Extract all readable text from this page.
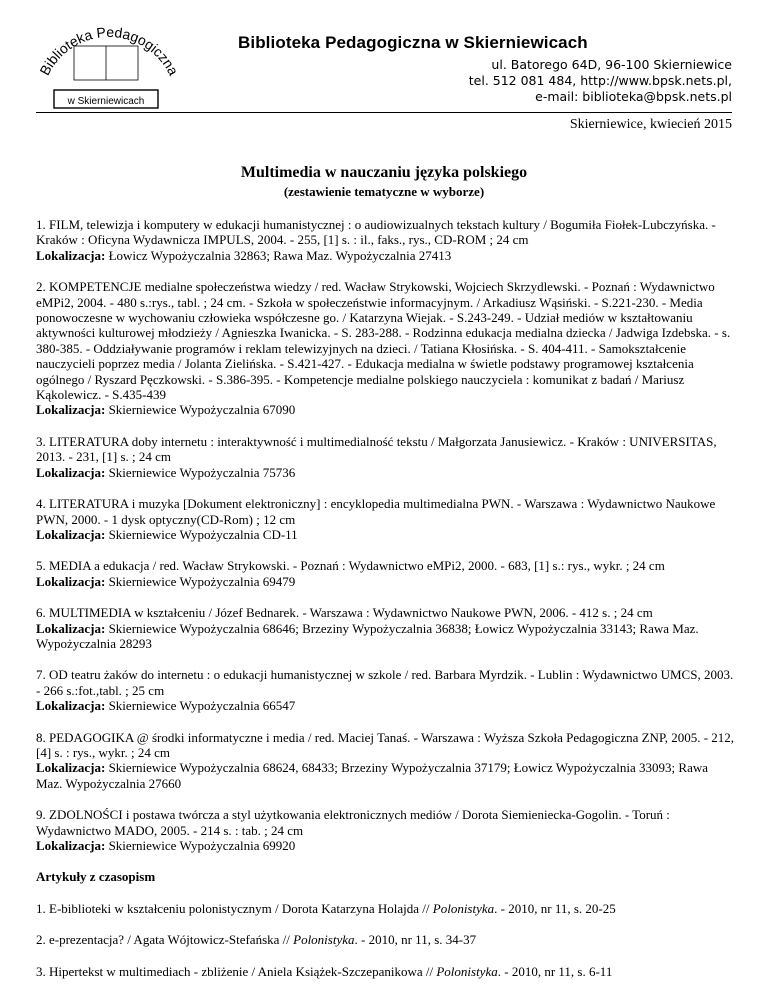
Biblioteka Pedagogiczna
w Skierniewicach
Biblioteka Pedagogiczna w Skierniewicach
ul. Batorego 64D, 96-100 Skierniewice
tel. 512 081 484, http://www.bpsk.nets.pl,
e-mail: biblioteka@bpsk.nets.pl
Skierniewice, kwiecień 2015
Multimedia w nauczaniu języka polskiego
(zestawienie tematyczne w wyborze)
1. FILM, telewizja i komputery w edukacji humanistycznej : o audiowizualnych tekstach kultury / Bogumiła Fiołek-Lubczyńska. - Kraków : Oficyna Wydawnicza IMPULS, 2004. - 255, [1] s. : il., faks., rys., CD-ROM ; 24 cm
Lokalizacja: Łowicz Wypożyczalnia 32863; Rawa Maz. Wypożyczalnia 27413
2. KOMPETENCJE medialne społeczeństwa wiedzy / red. Wacław Strykowski, Wojciech Skrzydlewski. - Poznań : Wydawnictwo eMPi2, 2004. - 480 s.:rys., tabl. ; 24 cm. - Szkoła w społeczeństwie informacyjnym. / Arkadiusz Wąsiński. - S.221-230. - Media ponowoczesne w wychowaniu człowieka współczesne go. / Katarzyna Wiejak. - S.243-249. - Udział mediów w kształtowaniu aktywności kulturowej młodzieży / Agnieszka Iwanicka. - S. 283-288. - Rodzinna edukacja medialna dziecka / Jadwiga Izdebska. - s. 380-385. - Oddziaływanie programów i reklam telewizyjnych na dzieci. / Tatiana Kłosińska. - S. 404-411. - Samokształcenie nauczycieli poprzez media / Jolanta Zielińska. - S.421-427. - Edukacja medialna w świetle podstawy programowej kształcenia ogólnego / Ryszard Pęczkowski. - S.386-395. - Kompetencje medialne polskiego nauczyciela : komunikat z badań / Mariusz Kąkolewicz. - S.435-439
Lokalizacja: Skierniewice Wypożyczalnia 67090
3. LITERATURA doby internetu : interaktywność i multimedialność tekstu / Małgorzata Janusiewicz. - Kraków : UNIVERSITAS, 2013. - 231, [1] s. ; 24 cm
Lokalizacja: Skierniewice Wypożyczalnia 75736
4. LITERATURA i muzyka [Dokument elektroniczny] : encyklopedia multimedialna PWN. - Warszawa : Wydawnictwo Naukowe PWN, 2000. - 1 dysk optyczny(CD-Rom) ; 12 cm
Lokalizacja: Skierniewice Wypożyczalnia CD-11
5. MEDIA a edukacja / red. Wacław Strykowski. - Poznań : Wydawnictwo eMPi2, 2000. - 683, [1] s.: rys., wykr. ; 24 cm
Lokalizacja: Skierniewice Wypożyczalnia 69479
6. MULTIMEDIA w kształceniu / Józef Bednarek. - Warszawa : Wydawnictwo Naukowe PWN, 2006. - 412 s. ; 24 cm
Lokalizacja: Skierniewice Wypożyczalnia 68646; Brzeziny Wypożyczalnia 36838; Łowicz Wypożyczalnia 33143; Rawa Maz. Wypożyczalnia 28293
7. OD teatru żaków do internetu : o edukacji humanistycznej w szkole / red. Barbara Myrdzik. - Lublin : Wydawnictwo UMCS, 2003. - 266 s.:fot.,tabl. ; 25 cm
Lokalizacja: Skierniewice Wypożyczalnia 66547
8. PEDAGOGIKA @ środki informatyczne i media / red. Maciej Tanaś. - Warszawa : Wyższa Szkoła Pedagogiczna ZNP, 2005. - 212, [4] s. : rys., wykr. ; 24 cm
Lokalizacja: Skierniewice Wypożyczalnia 68624, 68433; Brzeziny Wypożyczalnia 37179; Łowicz Wypożyczalnia 33093; Rawa Maz. Wypożyczalnia 27660
9. ZDOLNOŚCI i postawa twórcza a styl użytkowania elektronicznych mediów / Dorota Siemieniecka-Gogolin. - Toruń : Wydawnictwo MADO, 2005. - 214 s. : tab. ; 24 cm
Lokalizacja: Skierniewice Wypożyczalnia 69920
Artykuły z czasopism
1. E-biblioteki w kształceniu polonistycznym / Dorota Katarzyna Holajda // Polonistyka. - 2010, nr 11, s. 20-25
2. e-prezentacja? / Agata Wójtowicz-Stefańska // Polonistyka. - 2010, nr 11, s. 34-37
3. Hipertekst w multimediach - zbliżenie / Aniela Książek-Szczepanikowa // Polonistyka. - 2010, nr 11, s. 6-11
